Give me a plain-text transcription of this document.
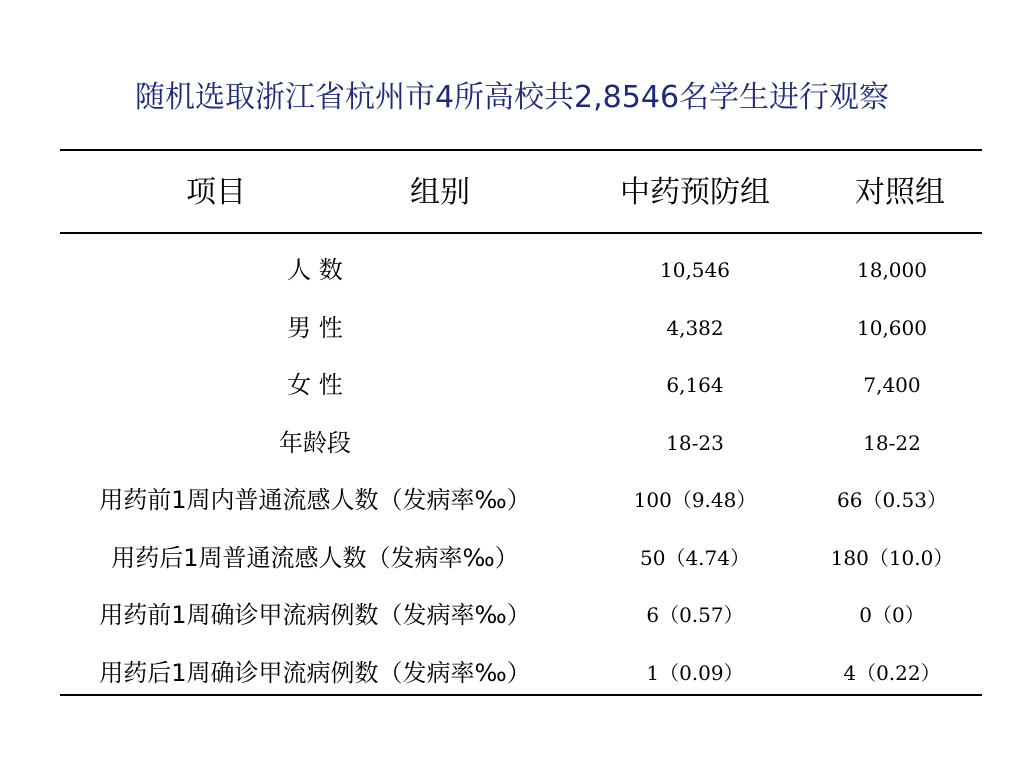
随机选取浙江省杭州市4所高校共2,8546名学生进行观察
项目	组别	中药预防组	对照组
人 数	10,546	18,000
男 性	4,382	10,600
女 性	6,164	7,400
年龄段	18-23	18-22
用药前1周内普通流感人数（发病率‰）	100（9.48）	66（0.53）
用药后1周普通流感人数（发病率‰）	50（4.74）	180（10.0）
用药前1周确诊甲流病例数（发病率‰）	6（0.57）	0（0）
用药后1周确诊甲流病例数（发病率‰）	1（0.09）	4（0.22）
